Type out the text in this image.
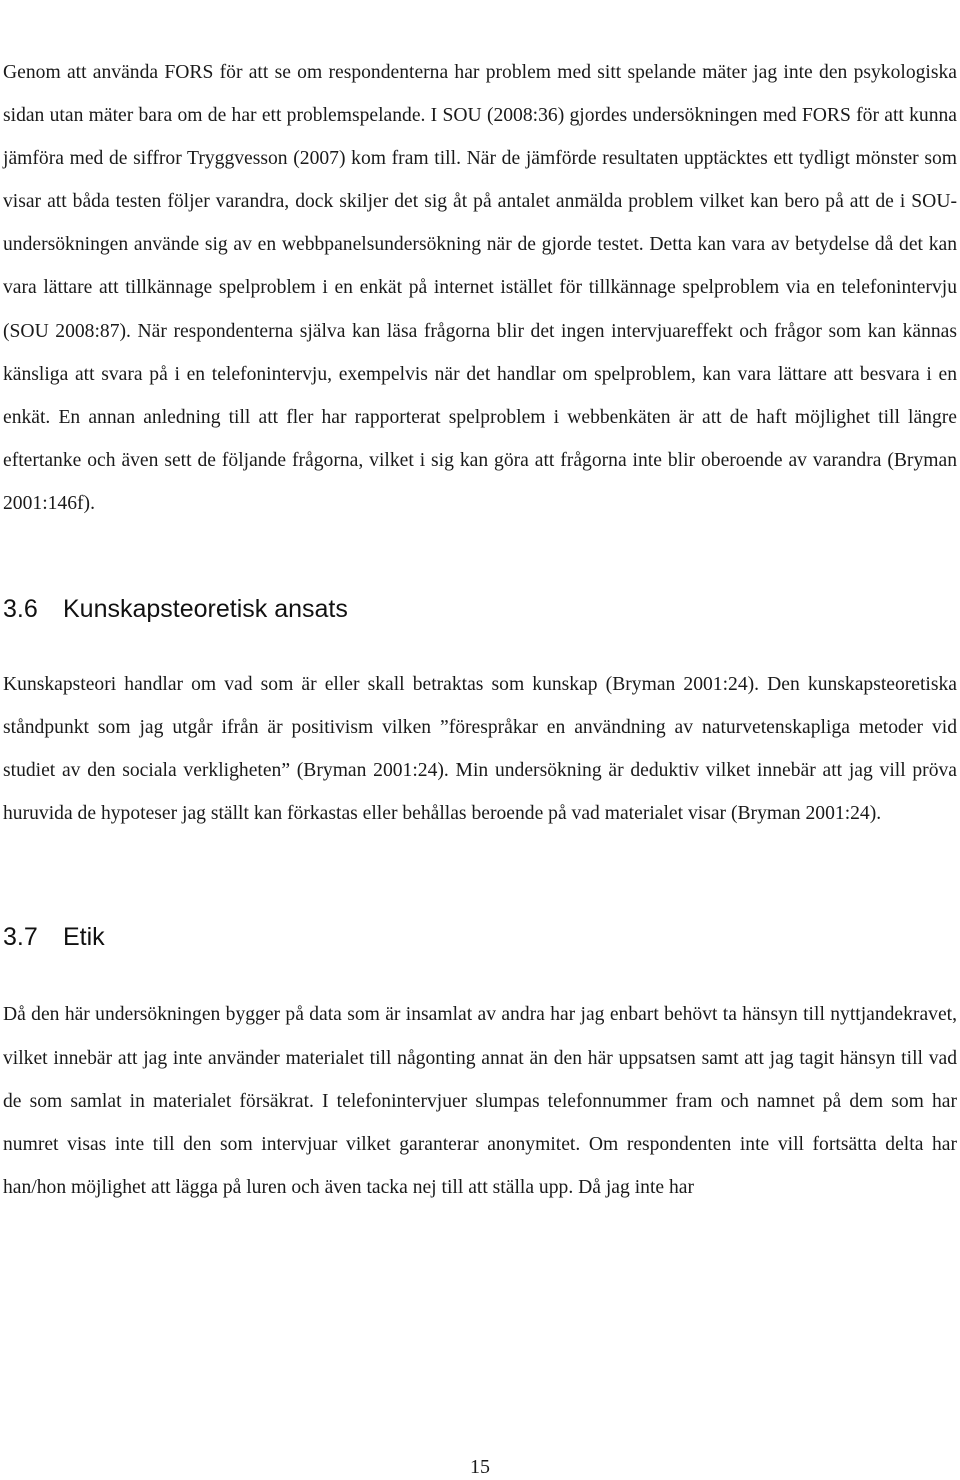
Genom att använda FORS för att se om respondenterna har problem med sitt spelande mäter jag inte den psykologiska sidan utan mäter bara om de har ett problemspelande. I SOU (2008:36) gjordes undersökningen med FORS för att kunna jämföra med de siffror Tryggvesson (2007) kom fram till. När de jämförde resultaten upptäcktes ett tydligt mönster som visar att båda testen följer varandra, dock skiljer det sig åt på antalet anmälda problem vilket kan bero på att de i SOU-undersökningen använde sig av en webbpanelsundersökning när de gjorde testet. Detta kan vara av betydelse då det kan vara lättare att tillkännage spelproblem i en enkät på internet istället för tillkännage spelproblem via en telefonintervju (SOU 2008:87). När respondenterna själva kan läsa frågorna blir det ingen intervjuareffekt och frågor som kan kännas känsliga att svara på i en telefonintervju, exempelvis när det handlar om spelproblem, kan vara lättare att besvara i en enkät. En annan anledning till att fler har rapporterat spelproblem i webbenkäten är att de haft möjlighet till längre eftertanke och även sett de följande frågorna, vilket i sig kan göra att frågorna inte blir oberoende av varandra (Bryman 2001:146f).

3.6	Kunskapsteoretisk ansats

Kunskapsteori handlar om vad som är eller skall betraktas som kunskap (Bryman 2001:24). Den kunskapsteoretiska ståndpunkt som jag utgår ifrån är positivism vilken ”förespråkar en användning av naturvetenskapliga metoder vid studiet av den sociala verkligheten” (Bryman 2001:24). Min undersökning är deduktiv vilket innebär att jag vill pröva huruvida de hypoteser jag ställt kan förkastas eller behållas beroende på vad materialet visar (Bryman 2001:24).

3.7	Etik

Då den här undersökningen bygger på data som är insamlat av andra har jag enbart behövt ta hänsyn till nyttjandekravet, vilket innebär att jag inte använder materialet till någonting annat än den här uppsatsen samt att jag tagit hänsyn till vad de som samlat in materialet försäkrat. I telefonintervjuer slumpas telefonnummer fram och namnet på dem som har numret visas inte till den som intervjuar vilket garanterar anonymitet. Om respondenten inte vill fortsätta delta har han/hon möjlighet att lägga på luren och även tacka nej till att ställa upp. Då jag inte har

15
